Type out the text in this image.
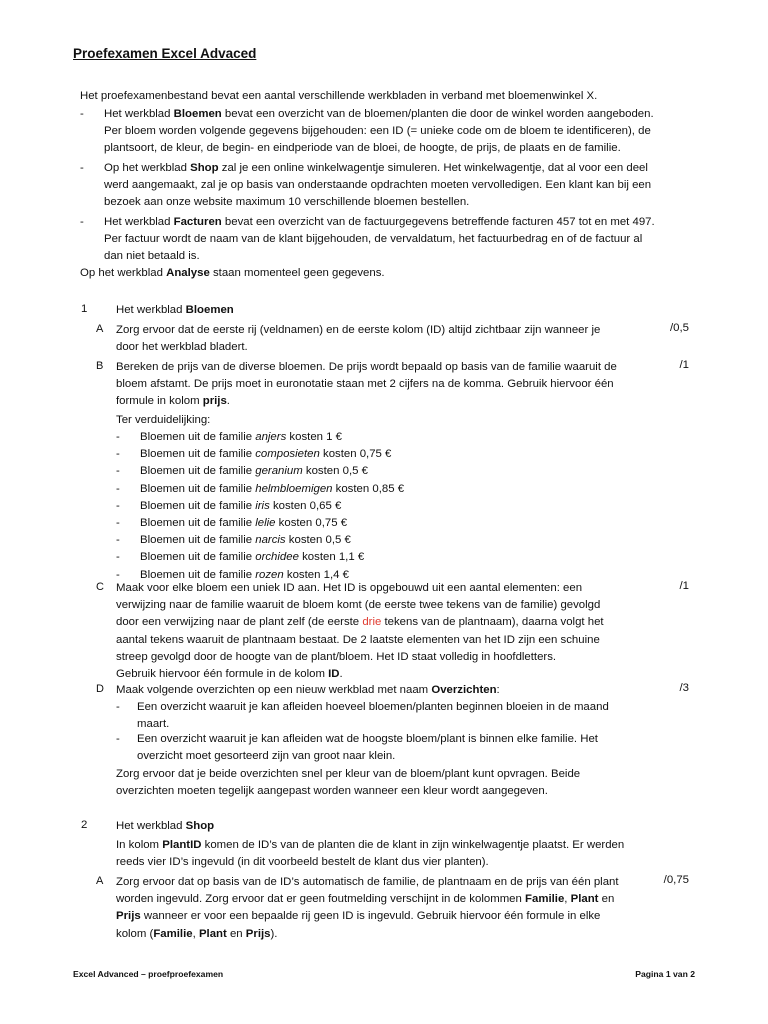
Proefexamen Excel Advaced
Het proefexamenbestand bevat een aantal verschillende werkbladen in verband met bloemenwinkel X.
- Het werkblad Bloemen bevat een overzicht van de bloemen/planten die door de winkel worden aangeboden.
Per bloem worden volgende gegevens bijgehouden: een ID (= unieke code om de bloem te identificeren), de
plantsoort, de kleur, de begin- en eindperiode van de bloei, de hoogte, de prijs, de plaats en de familie.
- Op het werkblad Shop zal je een online winkelwagentje simuleren. Het winkelwagentje, dat al voor een deel
werd aangemaakt, zal je op basis van onderstaande opdrachten moeten vervolledigen. Een klant kan bij een
bezoek aan onze website maximum 10 verschillende bloemen bestellen.
- Het werkblad Facturen bevat een overzicht van de factuurgegevens betreffende facturen 457 tot en met 497.
Per factuur wordt de naam van de klant bijgehouden, de vervaldatum, het factuurbedrag en of de factuur al
dan niet betaald is.
Op het werkblad Analyse staan momenteel geen gegevens.
1	Het werkblad Bloemen
A Zorg ervoor dat de eerste rij (veldnamen) en de eerste kolom (ID) altijd zichtbaar zijn wanneer je
door het werkblad bladert.
/0,5
B Bereken de prijs van de diverse bloemen. De prijs wordt bepaald op basis van de familie waaruit de
bloem afstamt. De prijs moet in euronotatie staan met 2 cijfers na de komma. Gebruik hiervoor één
formule in kolom prijs.
/1
Ter verduidelijking:
- Bloemen uit de familie anjers kosten 1 €
- Bloemen uit de familie composieten kosten 0,75 €
- Bloemen uit de familie geranium kosten 0,5 €
- Bloemen uit de familie helmbloemigen kosten 0,85 €
- Bloemen uit de familie iris kosten 0,65 €
- Bloemen uit de familie lelie kosten 0,75 €
- Bloemen uit de familie narcis kosten 0,5 €
- Bloemen uit de familie orchidee kosten 1,1 €
- Bloemen uit de familie rozen kosten 1,4 €
C Maak voor elke bloem een uniek ID aan. Het ID is opgebouwd uit een aantal elementen: een
verwijzing naar de familie waaruit de bloem komt (de eerste twee tekens van de familie) gevolgd
door een verwijzing naar de plant zelf (de eerste drie tekens van de plantnaam), daarna volgt het
aantal tekens waaruit de plantnaam bestaat. De 2 laatste elementen van het ID zijn een schuine
streep gevolgd door de hoogte van de plant/bloem. Het ID staat volledig in hoofdletters.
Gebruik hiervoor één formule in de kolom ID.
/1
D Maak volgende overzichten op een nieuw werkblad met naam Overzichten:	/3
- Een overzicht waaruit je kan afleiden hoeveel bloemen/planten beginnen bloeien in de maand
maart.
- Een overzicht waaruit je kan afleiden wat de hoogste bloem/plant is binnen elke familie. Het
overzicht moet gesorteerd zijn van groot naar klein.
Zorg ervoor dat je beide overzichten snel per kleur van de bloem/plant kunt opvragen. Beide
overzichten moeten tegelijk aangepast worden wanneer een kleur wordt aangegeven.
2	Het werkblad Shop
In kolom PlantID komen de ID’s van de planten die de klant in zijn winkelwagentje plaatst. Er werden
reeds vier ID’s ingevuld (in dit voorbeeld bestelt de klant dus vier planten).
A Zorg ervoor dat op basis van de ID’s automatisch de familie, de plantnaam en de prijs van één plant
worden ingevuld. Zorg ervoor dat er geen foutmelding verschijnt in de kolommen Familie, Plant en
Prijs wanneer er voor een bepaalde rij geen ID is ingevuld. Gebruik hiervoor één formule in elke
kolom (Familie, Plant en Prijs).
/0,75
Excel Advanced – proefproefexamen	Pagina 1 van 2
